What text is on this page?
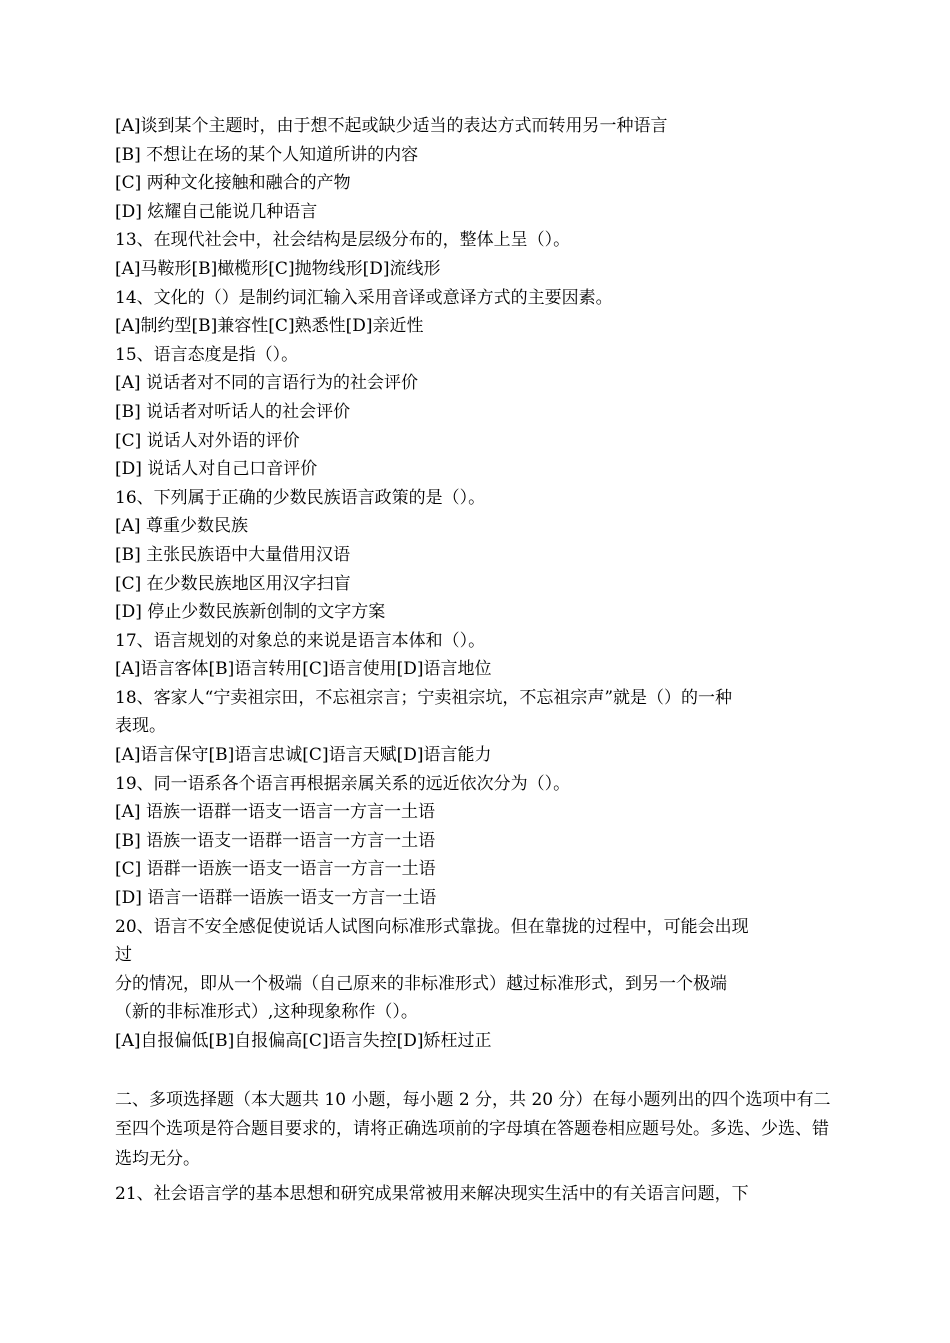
[A]谈到某个主题时，由于想不起或缺少适当的表达方式而转用另一种语言
[B] 不想让在场的某个人知道所讲的内容
[C] 两种文化接触和融合的产物
[D] 炫耀自己能说几种语言
13、在现代社会中，社会结构是层级分布的，整体上呈（）。
[A]马鞍形[B]橄榄形[C]抛物线形[D]流线形
14、文化的（）是制约词汇输入采用音译或意译方式的主要因素。
[A]制约型[B]兼容性[C]熟悉性[D]亲近性
15、语言态度是指（）。
[A] 说话者对不同的言语行为的社会评价
[B] 说话者对听话人的社会评价
[C] 说话人对外语的评价
[D] 说话人对自己口音评价
16、下列属于正确的少数民族语言政策的是（）。
[A] 尊重少数民族
[B] 主张民族语中大量借用汉语
[C] 在少数民族地区用汉字扫盲
[D] 停止少数民族新创制的文字方案
17、语言规划的对象总的来说是语言本体和（）。
[A]语言客体[B]语言转用[C]语言使用[D]语言地位
18、客家人“宁卖祖宗田，不忘祖宗言；宁卖祖宗坑，不忘祖宗声”就是（）的一种
表现。
[A]语言保守[B]语言忠诚[C]语言天赋[D]语言能力
19、同一语系各个语言再根据亲属关系的远近依次分为（）。
[A] 语族一语群一语支一语言一方言一土语
[B] 语族一语支一语群一语言一方言一土语
[C] 语群一语族一语支一语言一方言一土语
[D] 语言一语群一语族一语支一方言一土语
20、语言不安全感促使说话人试图向标准形式靠拢。但在靠拢的过程中，可能会出现
过
分的情况，即从一个极端（自己原来的非标准形式）越过标准形式，到另一个极端
（新的非标准形式）,这种现象称作（）。
[A]自报偏低[B]自报偏高[C]语言失控[D]矫枉过正
二、多项选择题（本大题共 10 小题，每小题 2 分，共 20 分）在每小题列出的四个选项中有二至四个选项是符合题目要求的，请将正确选项前的字母填在答题卷相应题号处。多选、少选、错选均无分。
21、社会语言学的基本思想和研究成果常被用来解决现实生活中的有关语言问题，下
